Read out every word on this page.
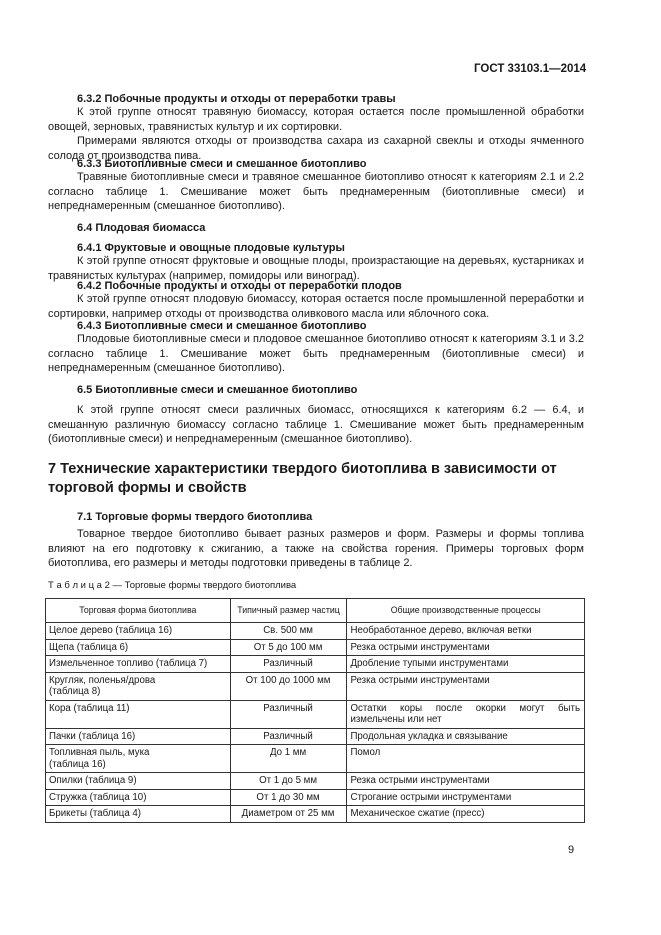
ГОСТ 33103.1—2014
6.3.2 Побочные продукты и отходы от переработки травы
К этой группе относят травяную биомассу, которая остается после промышленной обработки овощей, зерновых, травянистых культур и их сортировки.
Примерами являются отходы от производства сахара из сахарной свеклы и отходы ячменного солода от производства пива.
6.3.3 Биотопливные смеси и смешанное биотопливо
Травяные биотопливные смеси и травяное смешанное биотопливо относят к категориям 2.1 и 2.2 согласно таблице 1. Смешивание может быть преднамеренным (биотопливные смеси) и непреднамеренным (смешанное биотопливо).
6.4 Плодовая биомасса
6.4.1 Фруктовые и овощные плодовые культуры
К этой группе относят фруктовые и овощные плоды, произрастающие на деревьях, кустарниках и травянистых культурах (например, помидоры или виноград).
6.4.2 Побочные продукты и отходы от переработки плодов
К этой группе относят плодовую биомассу, которая остается после промышленной переработки и сортировки, например отходы от производства оливкового масла или яблочного сока.
6.4.3 Биотопливные смеси и смешанное биотопливо
Плодовые биотопливные смеси и плодовое смешанное биотопливо относят к категориям 3.1 и 3.2 согласно таблице 1. Смешивание может быть преднамеренным (биотопливные смеси) и непреднамеренным (смешанное биотопливо).
6.5 Биотопливные смеси и смешанное биотопливо
К этой группе относят смеси различных биомасс, относящихся к категориям 6.2 — 6.4, и смешанную различную биомассу согласно таблице 1. Смешивание может быть преднамеренным (биотопливные смеси) и непреднамеренным (смешанное биотопливо).
7 Технические характеристики твердого биотоплива в зависимости от торговой формы и свойств
7.1 Торговые формы твердого биотоплива
Товарное твердое биотопливо бывает разных размеров и форм. Размеры и формы топлива влияют на его подготовку к сжиганию, а также на свойства горения. Примеры торговых форм биотоплива, его размеры и методы подготовки приведены в таблице 2.
Т а б л и ц а 2 — Торговые формы твердого биотоплива
Торговая форма биотоплива	Типичный размер частиц	Общие производственные процессы
Целое дерево (таблица 16)	Св. 500 мм	Необработанное дерево, включая ветки
Щепа (таблица 6)	От 5 до 100 мм	Резка острыми инструментами
Измельченное топливо (таблица 7)	Различный	Дробление тупыми инструментами
Кругляк, поленья/дрова
(таблица 8)	От 100 до 1000 мм	Резка острыми инструментами
Кора (таблица 11)	Различный	Остатки коры после окорки могут быть измельчены или нет
Пачки (таблица 16)	Различный	Продольная укладка и связывание
Топливная пыль, мука
(таблица 16)	До 1 мм	Помол
Опилки (таблица 9)	От 1 до 5 мм	Резка острыми инструментами
Стружка (таблица 10)	От 1 до 30 мм	Строгание острыми инструментами
Брикеты (таблица 4)	Диаметром от 25 мм	Механическое сжатие (пресс)
9
